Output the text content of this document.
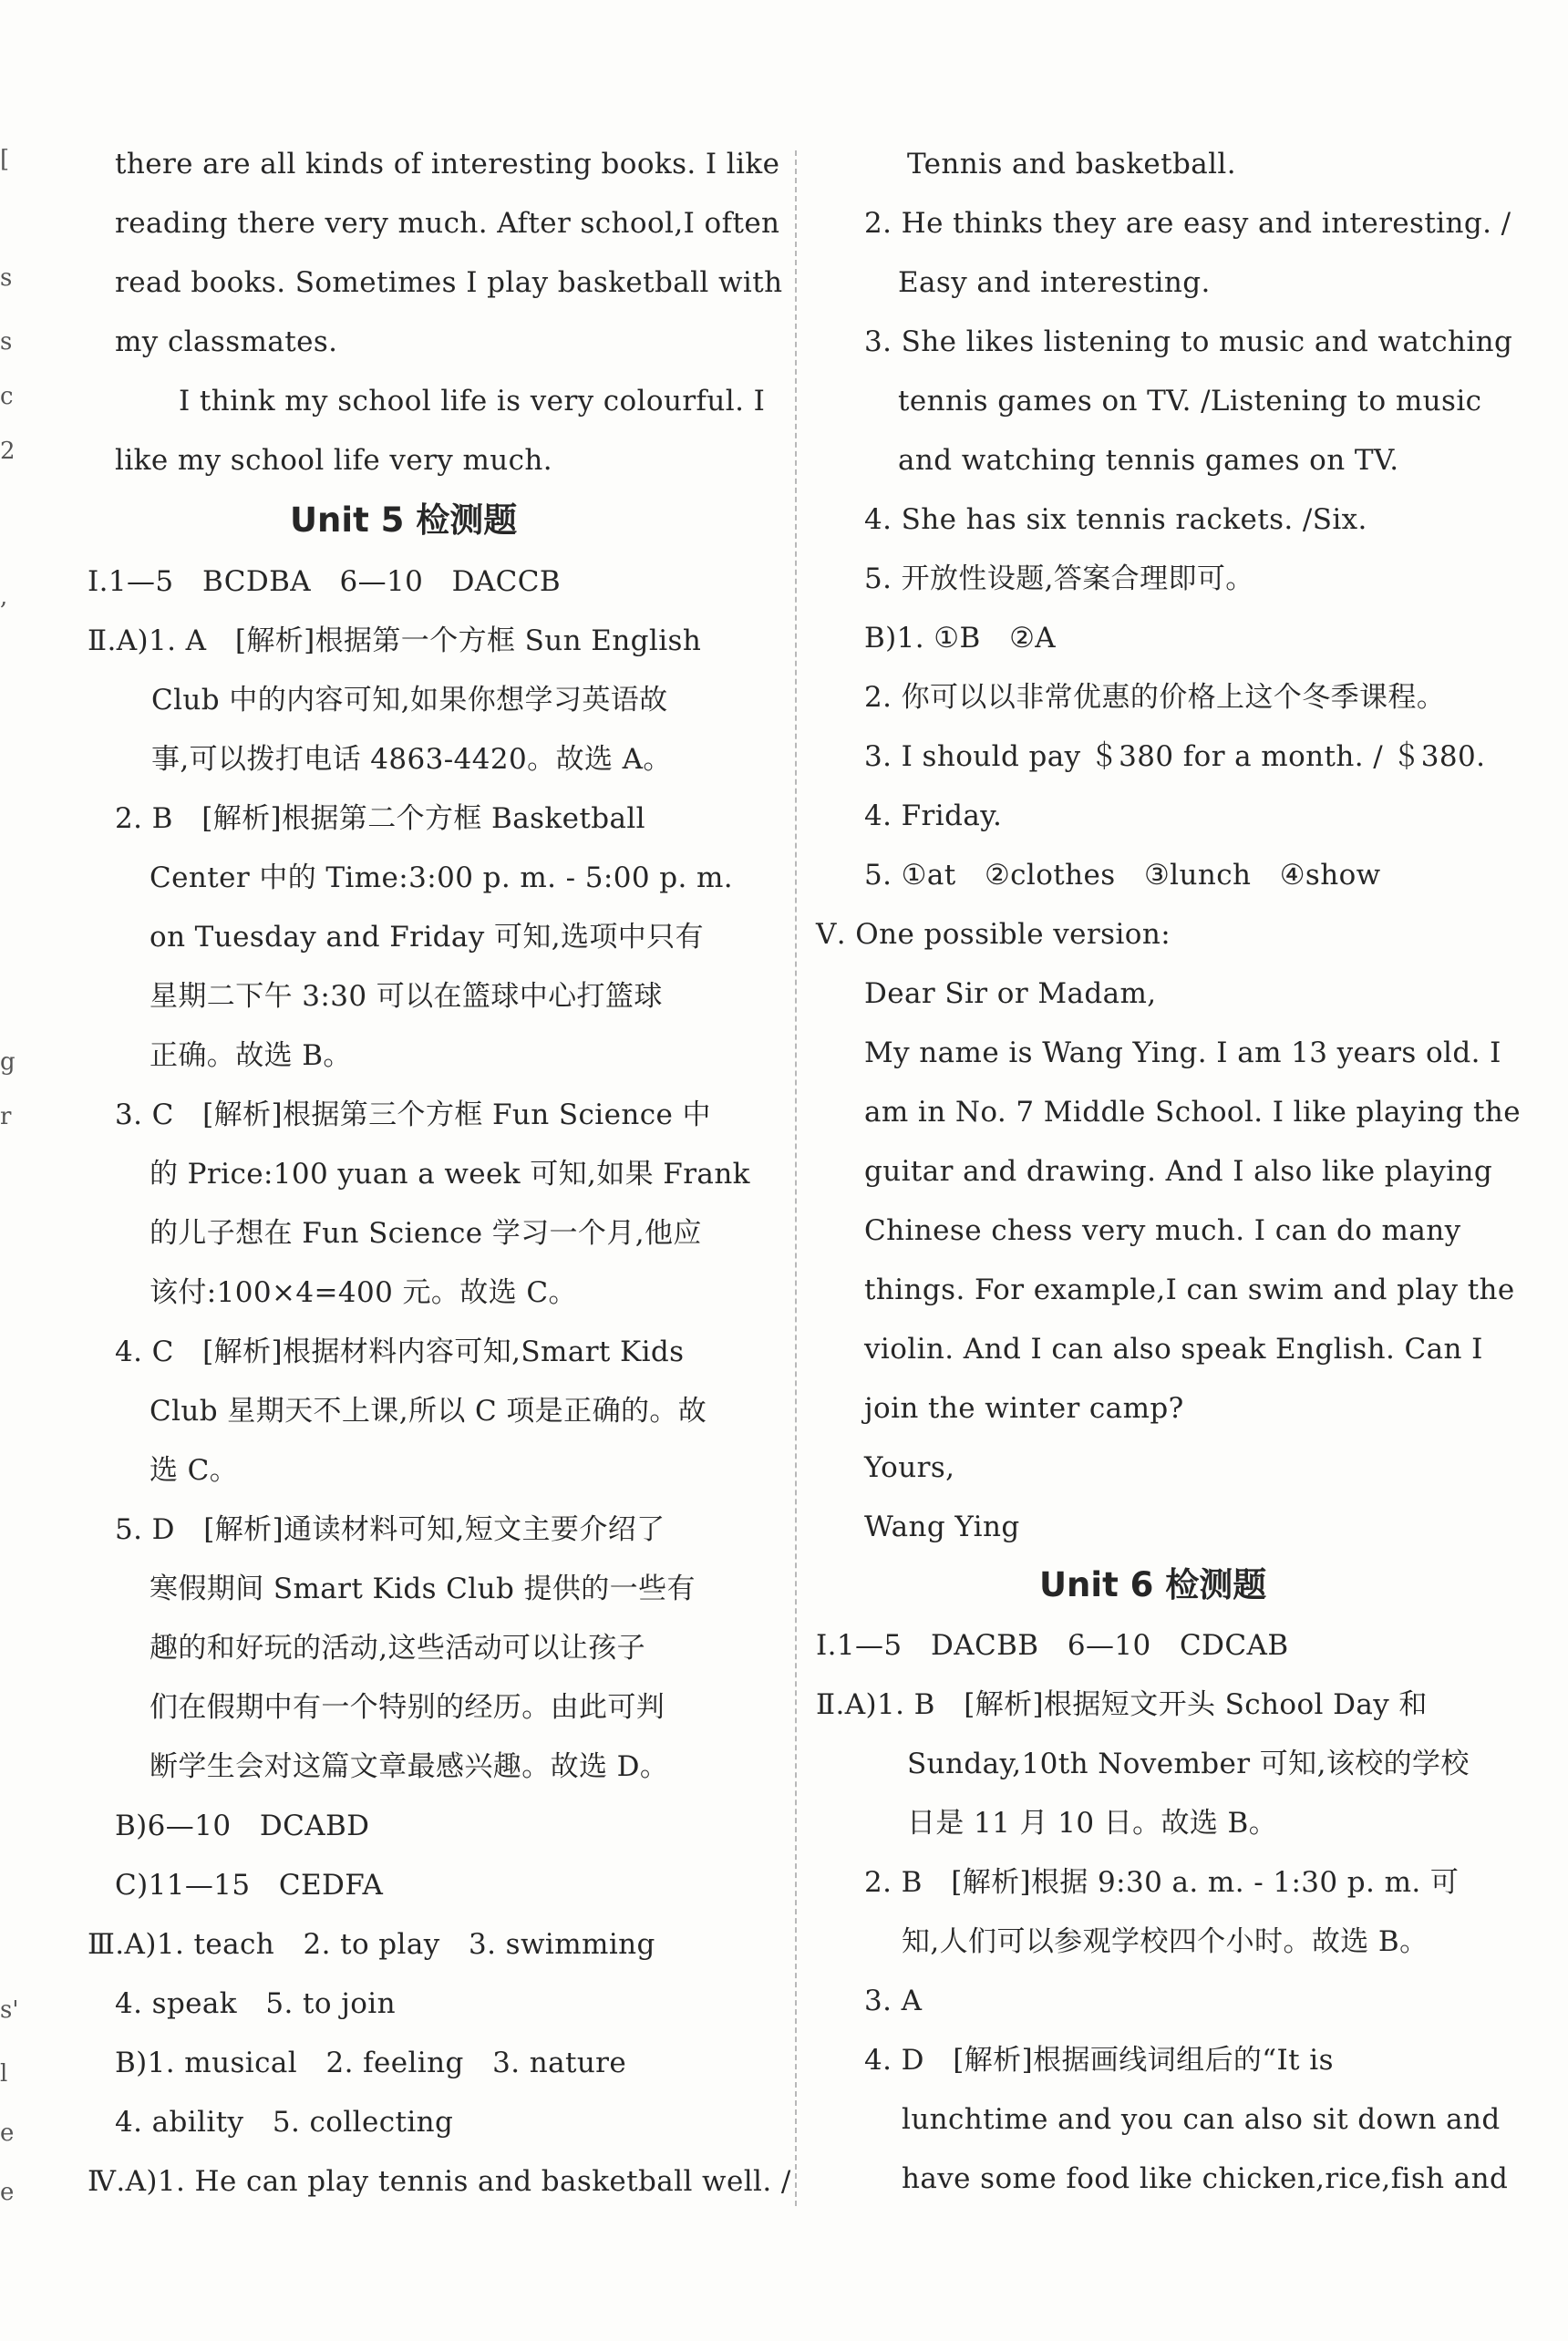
[
s
s
c
2
,
g
r
s'
l
e
e
there are all kinds of interesting books. I like
reading there very much. After school,I often
read books. Sometimes I play basketball with
my classmates.
I think my school life is very colourful. I
like my school life very much.
Unit 5 检测题
Ⅰ.1—5　BCDBA　6—10　DACCB
Ⅱ.A)1. A　[解析]根据第一个方框 Sun English
Club 中的内容可知,如果你想学习英语故
事,可以拨打电话 4863-4420。故选 A。
2. B　[解析]根据第二个方框 Basketball
Center 中的 Time:3:00 p. m. - 5:00 p. m.
on Tuesday and Friday 可知,选项中只有
星期二下午 3:30 可以在篮球中心打篮球
正确。故选 B。
3. C　[解析]根据第三个方框 Fun Science 中
的 Price:100 yuan a week 可知,如果 Frank
的儿子想在 Fun Science 学习一个月,他应
该付:100×4=400 元。故选 C。
4. C　[解析]根据材料内容可知,Smart Kids
Club 星期天不上课,所以 C 项是正确的。故
选 C。
5. D　[解析]通读材料可知,短文主要介绍了
寒假期间 Smart Kids Club 提供的一些有
趣的和好玩的活动,这些活动可以让孩子
们在假期中有一个特别的经历。由此可判
断学生会对这篇文章最感兴趣。故选 D。
B)6—10　DCABD
C)11—15　CEDFA
Ⅲ.A)1. teach　2. to play　3. swimming
4. speak　5. to join
B)1. musical　2. feeling　3. nature
4. ability　5. collecting
Ⅳ.A)1. He can play tennis and basketball well. /
Tennis and basketball.
2. He thinks they are easy and interesting. /
Easy and interesting.
3. She likes listening to music and watching
tennis games on TV. /Listening to music
and watching tennis games on TV.
4. She has six tennis rackets. /Six.
5. 开放性设题,答案合理即可。
B)1. ①B　②A
2. 你可以以非常优惠的价格上这个冬季课程。
3. I should pay ＄380 for a month. / ＄380.
4. Friday.
5. ①at　②clothes　③lunch　④show
Ⅴ. One possible version:
Dear Sir or Madam,
My name is Wang Ying. I am 13 years old. I
am in No. 7 Middle School. I like playing the
guitar and drawing. And I also like playing
Chinese chess very much. I can do many
things. For example,I can swim and play the
violin. And I can also speak English. Can I
join the winter camp?
Yours,
Wang Ying
Unit 6 检测题
Ⅰ.1—5　DACBB　6—10　CDCAB
Ⅱ.A)1. B　[解析]根据短文开头 School Day 和
Sunday,10th November 可知,该校的学校
日是 11 月 10 日。故选 B。
2. B　[解析]根据 9:30 a. m. - 1:30 p. m. 可
知,人们可以参观学校四个小时。故选 B。
3. A
4. D　[解析]根据画线词组后的“It is
lunchtime and you can also sit down and
have some food like chicken,rice,fish and
